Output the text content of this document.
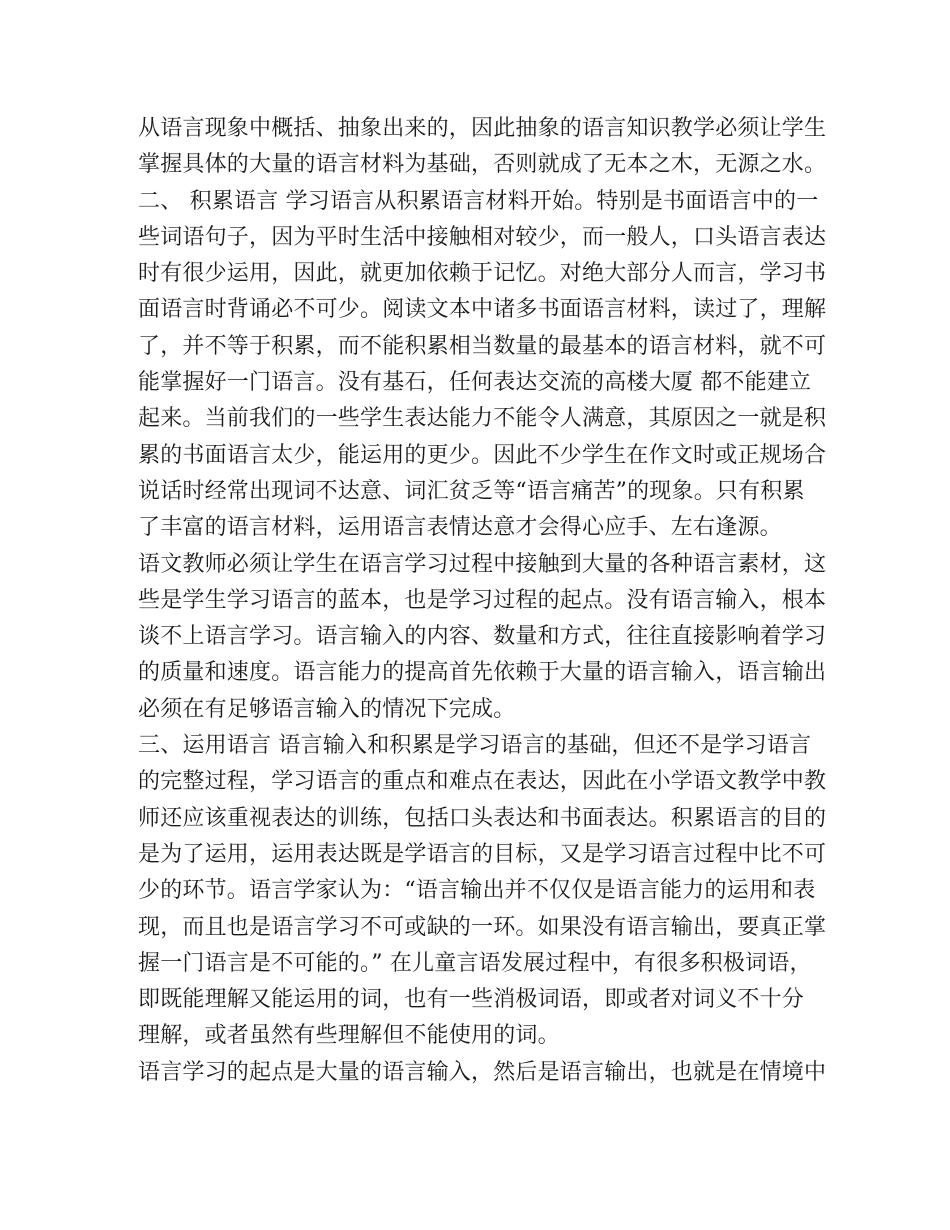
从语言现象中概括、抽象出来的，因此抽象的语言知识教学必须让学生
掌握具体的大量的语言材料为基础，否则就成了无本之木，无源之水。
二、 积累语言 学习语言从积累语言材料开始。特别是书面语言中的一
些词语句子，因为平时生活中接触相对较少，而一般人，口头语言表达
时有很少运用，因此，就更加依赖于记忆。对绝大部分人而言，学习书
面语言时背诵必不可少。阅读文本中诸多书面语言材料，读过了，理解
了，并不等于积累，而不能积累相当数量的最基本的语言材料，就不可
能掌握好一门语言。没有基石，任何表达交流的高楼大厦 都不能建立
起来。当前我们的一些学生表达能力不能令人满意，其原因之一就是积
累的书面语言太少，能运用的更少。因此不少学生在作文时或正规场合
说话时经常出现词不达意、词汇贫乏等“语言痛苦”的现象。只有积累
了丰富的语言材料，运用语言表情达意才会得心应手、左右逢源。
语文教师必须让学生在语言学习过程中接触到大量的各种语言素材，这
些是学生学习语言的蓝本，也是学习过程的起点。没有语言输入，根本
谈不上语言学习。语言输入的内容、数量和方式，往往直接影响着学习
的质量和速度。语言能力的提高首先依赖于大量的语言输入，语言输出
必须在有足够语言输入的情况下完成。
三、运用语言 语言输入和积累是学习语言的基础，但还不是学习语言
的完整过程，学习语言的重点和难点在表达，因此在小学语文教学中教
师还应该重视表达的训练，包括口头表达和书面表达。积累语言的目的
是为了运用，运用表达既是学语言的目标，又是学习语言过程中比不可
少的环节。语言学家认为：“语言输出并不仅仅是语言能力的运用和表
现，而且也是语言学习不可或缺的一环。如果没有语言输出，要真正掌
握一门语言是不可能的。” 在儿童言语发展过程中，有很多积极词语，
即既能理解又能运用的词，也有一些消极词语，即或者对词义不十分
理解，或者虽然有些理解但不能使用的词。
语言学习的起点是大量的语言输入，然后是语言输出，也就是在情境中
